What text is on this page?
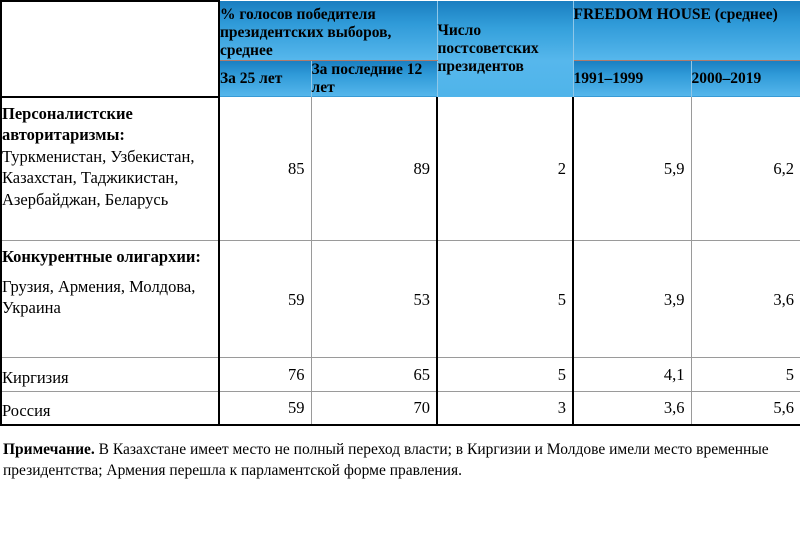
	% голосов победителя президентских выборов, среднее		Число постсоветских президентов	FREEDOM HOUSE (среднее)	
	За 25 лет	За последние 12 лет		1991–1999	2000–2019
Персоналистские авторитаризмы: Туркменистан, Узбекистан, Казахстан, Таджикистан, Азербайджан, Беларусь	85	89	2	5,9	6,2
Конкурентные олигархии:
Грузия, Армения, Молдова, Украина	59	53	5	3,9	3,6
Киргизия	76	65	5	4,1	5
Россия	59	70	3	3,6	5,6

Примечание. В Казахстане имеет место не полный переход власти; в Киргизии и Молдове имели место временные президентства; Армения перешла к парламентской форме правления.
